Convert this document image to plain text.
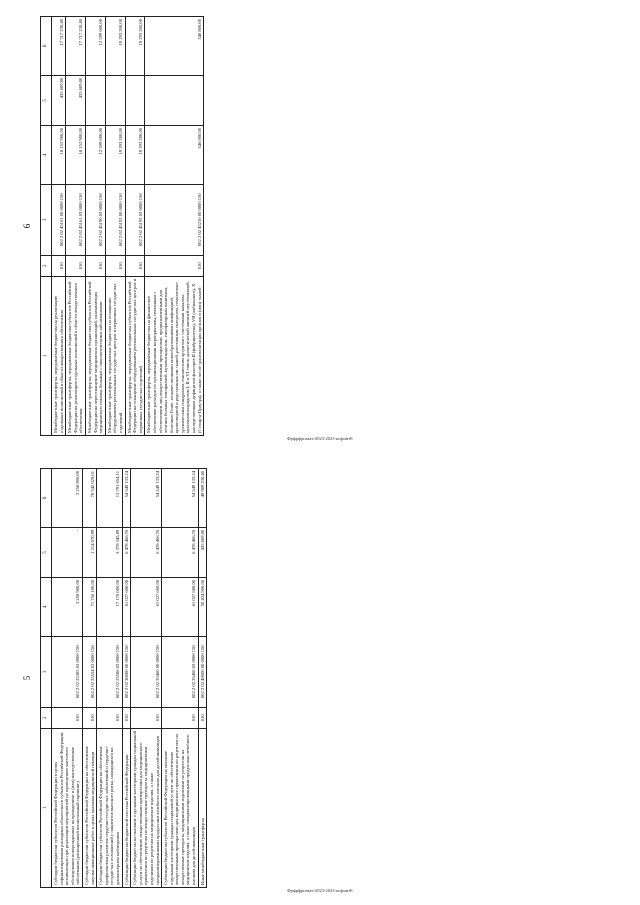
6
1	2	3	4	5	6
Межбюджетные трансферты, передаваемые бюджетам на реализацию отдельных полномочий в области лекарственного обеспечения	010	002 2 02 45161 00 0000 150	18 152 900,00	435 609,00	17 717 230,40
Межбюджетные трансферты, передаваемые бюджетам субъектов Российской Федерации на реализацию отдельных полномочий в области лекарственного обеспечения	010	002 2 02 45161 02 0000 150	18 152 900,00	435 609,00	17 717 230,40
Межбюджетные трансферты, передаваемые бюджетам субъектов Российской Федерации на переоснащение медицинских организаций, оказывающих медицинскую помощь больным с онкологическими заболеваниями	010	002 2 02 45190 02 0000 150	12 599 600,00		12 599 600,00
Межбюджетные трансферты, передаваемые бюджетам на оснащение оборудованием региональных сосудистых центров и первичных сосудистых отделений	010	002 2 02 45192 00 0000 150	19 293 200,00		19 293 200,00
Межбюджетные трансферты, передаваемые бюджетам субъектов Российской Федерации на оснащение оборудованием региональных сосудистых центров и первичных сосудистых отделений	010	002 2 02 45192 02 0000 150	19 293 200,00		19 293 200,00
Межбюджетные трансферты, передаваемые бюджетам на финансовое обеспечение расходов по организационным мероприятиям, связанным с обеспечением лиц лекарственными препаратами, предназначенными для лечения больных гемофилией, муковисцидозом, гипофизарным нанизмом, болезнью Гоше, злокачественными новообразованиями лимфоидной, кроветворной и родственных им тканей, рассеянным склерозом, гемолитико-уремическим синдромом, юношеским артритом с системным началом, мукополисахаридозом I, II и VI типов, апластической анемией неуточненной, наследственным дефицитом факторов II (фибриногена), VII (лабильного), X (Стюарта-Прауэра), а также после трансплантации органов и (или) тканей	010	002 2 02 45216 00 0000 150	346 800,00		346 800,00
Фрфрфрпакет/2023-2023-исфинтЕ
5
1	2	3	4	5	6
Субсидии бюджетам субъектов Российской Федерации в целях софинансирования расходных обязательств субъектов Российской Федерации, возникающих при реализации мероприятий по проведению массового обследования новорожденных на врожденные и (или) наследственные заболевания (расширенный неонатальный скрининг)	010	002 2 02 25385 02 0000 150	3 258 900,00	-	3 258 900,00
Субсидии бюджетам субъектов Российской Федерации на обеспечение закупки авиационных работ в целях оказания медицинской помощи	010	002 2 02 25554 02 0000 150	71 756 100,00	1 214 070,99	70 542 029,01
Субсидии бюджетам субъектов Российской Федерации на обеспечение профилактики развития сердечно-сосудистых заболеваний и сердечно-сосудистых осложнений у пациентов высокого риска, находящихся на диспансерном наблюдении	010	002 2 02 25586 02 0000 150	17 170 000,00	3 378 345,89	13 791 654,11
Субвенции бюджетам бюджетной системы Российской Федерации	010	002 2 02 30000 00 0000 150	61 027 600,00	6 478 466,76	54 549 133,24
Субвенции бюджетам на оказание отдельным категориям граждан социальной услуги по обеспечению лекарственными препаратами для медицинского применения по рецептам на лекарственные препараты, медицинскими изделиями по рецептам на медицинские изделия, а также специализированными продуктами лечебного питания для детей-инвалидов	010	002 2 02 35460 00 0000 150	61 027 600,00	6 478 466,76	54 549 133,24
Субвенции бюджетам субъектов Российской Федерации на оказание отдельным категориям граждан социальной услуги по обеспечению лекарственными препаратами для медицинского применения по рецептам на лекарственные препараты, медицинскими изделиями по рецептам на медицинские изделия, а также специализированными продуктами лечебного питания для детей-инвалидов	010	002 2 02 35460 02 0000 150	61 027 600,00	6 478 466,76	54 549 133,24
Иные межбюджетные трансферты	010	002 2 02 40000 00 0000 150	50 424 900,00	435 609,00	49 989 230,40
Фрфрфрпакет/2023-2023-исфинтЕ
